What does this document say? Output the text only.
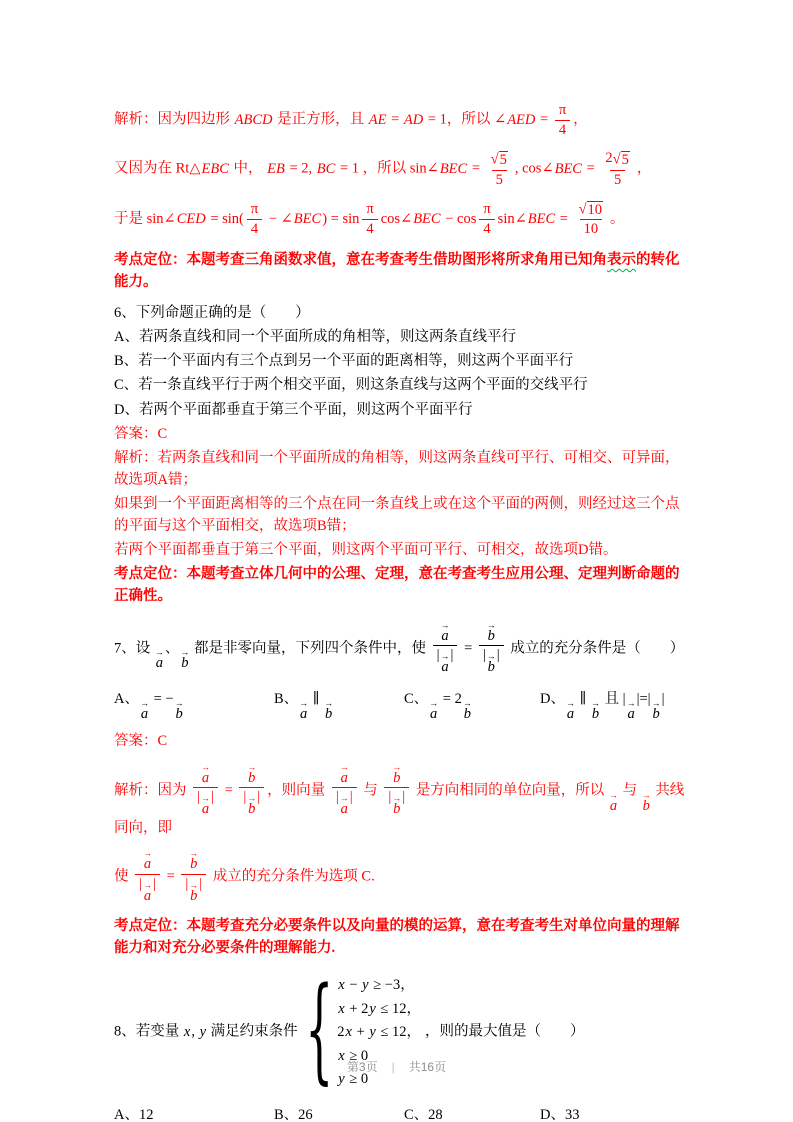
解析：因为四边形 ABCD 是正方形，且 AE = AD = 1，所以 ∠AED = $\frac{\pi}{4}$ ，
又因为在 Rt△EBC 中， EB = 2, BC = 1 ，所以 sin∠BEC = $\frac{√ 5}{5}$ , cos∠BEC = $\frac{2 √ 5}{5}$ ，
于是 sin∠CED = $\sin( \frac{\pi}{4}$ − ∠BEC) = $\sin \frac{\pi}{4}$ cos∠BEC − $\cos \frac{\pi}{4}$ sin∠BEC = $\frac{√ 10}{10}$ 。
考点定位：本题考查三角函数求值，意在考查考生借助图形将所求角用已知角表示的转化能力。
6、下列命题正确的是（　　）
A、若两条直线和同一个平面所成的角相等，则这两条直线平行
B、若一个平面内有三个点到另一个平面的距离相等，则这两个平面平行
C、若一条直线平行于两个相交平面，则这条直线与这两个平面的交线平行
D、若两个平面都垂直于第三个平面，则这两个平面平行
答案：C
解析：若两条直线和同一个平面所成的角相等，则这两条直线可平行、可相交、可异面，故选项A错；
如果到一个平面距离相等的三个点在同一条直线上或在这个平面的两侧，则经过这三个点的平面与这个平面相交，故选项B错；
若两个平面都垂直于第三个平面，则这两个平面可平行、可相交，故选项D错。
考点定位：本题考查立体几何中的公理、定理，意在考查考生应用公理、定理判断命题的正确性。
7、设 →
a
、 →
b
都是非零向量，下列四个条件中，使 →
a
| →
a
| = →
b
| →
b
| 成立的充分条件是（　　）
A、 →
a
= − →
b
B、 →
a
∥ →
b
C、 →
a
= 2 →
b
D、 →
a
∥ →
b
且 | →
a
|=| →
b
|
答案：C
解析：因为 →
a
| →
a
| = →
b
| →
b
| ，则向量 →
a
| →
a
| 与 →
b
| →
b
| 是方向相同的单位向量，所以 →
a
与 →
b
共线同向，即
使 →
a
| →
a
| = →
b
| →
b
| 成立的充分条件为选项 C.
考点定位：本题考查充分必要条件以及向量的模的运算，意在考查考生对单位向量的理解能力和对充分必要条件的理解能力.
8、若变量 x, y 满足约束条件 { x − y ≥ −3，
x + 2y ≤ 12，
2x + y ≤ 12，
x ≥ 0
y ≥ 0
，则的最大值是（　　）
A、12	B、26	C、28	D、33
第3页 | 共16页
